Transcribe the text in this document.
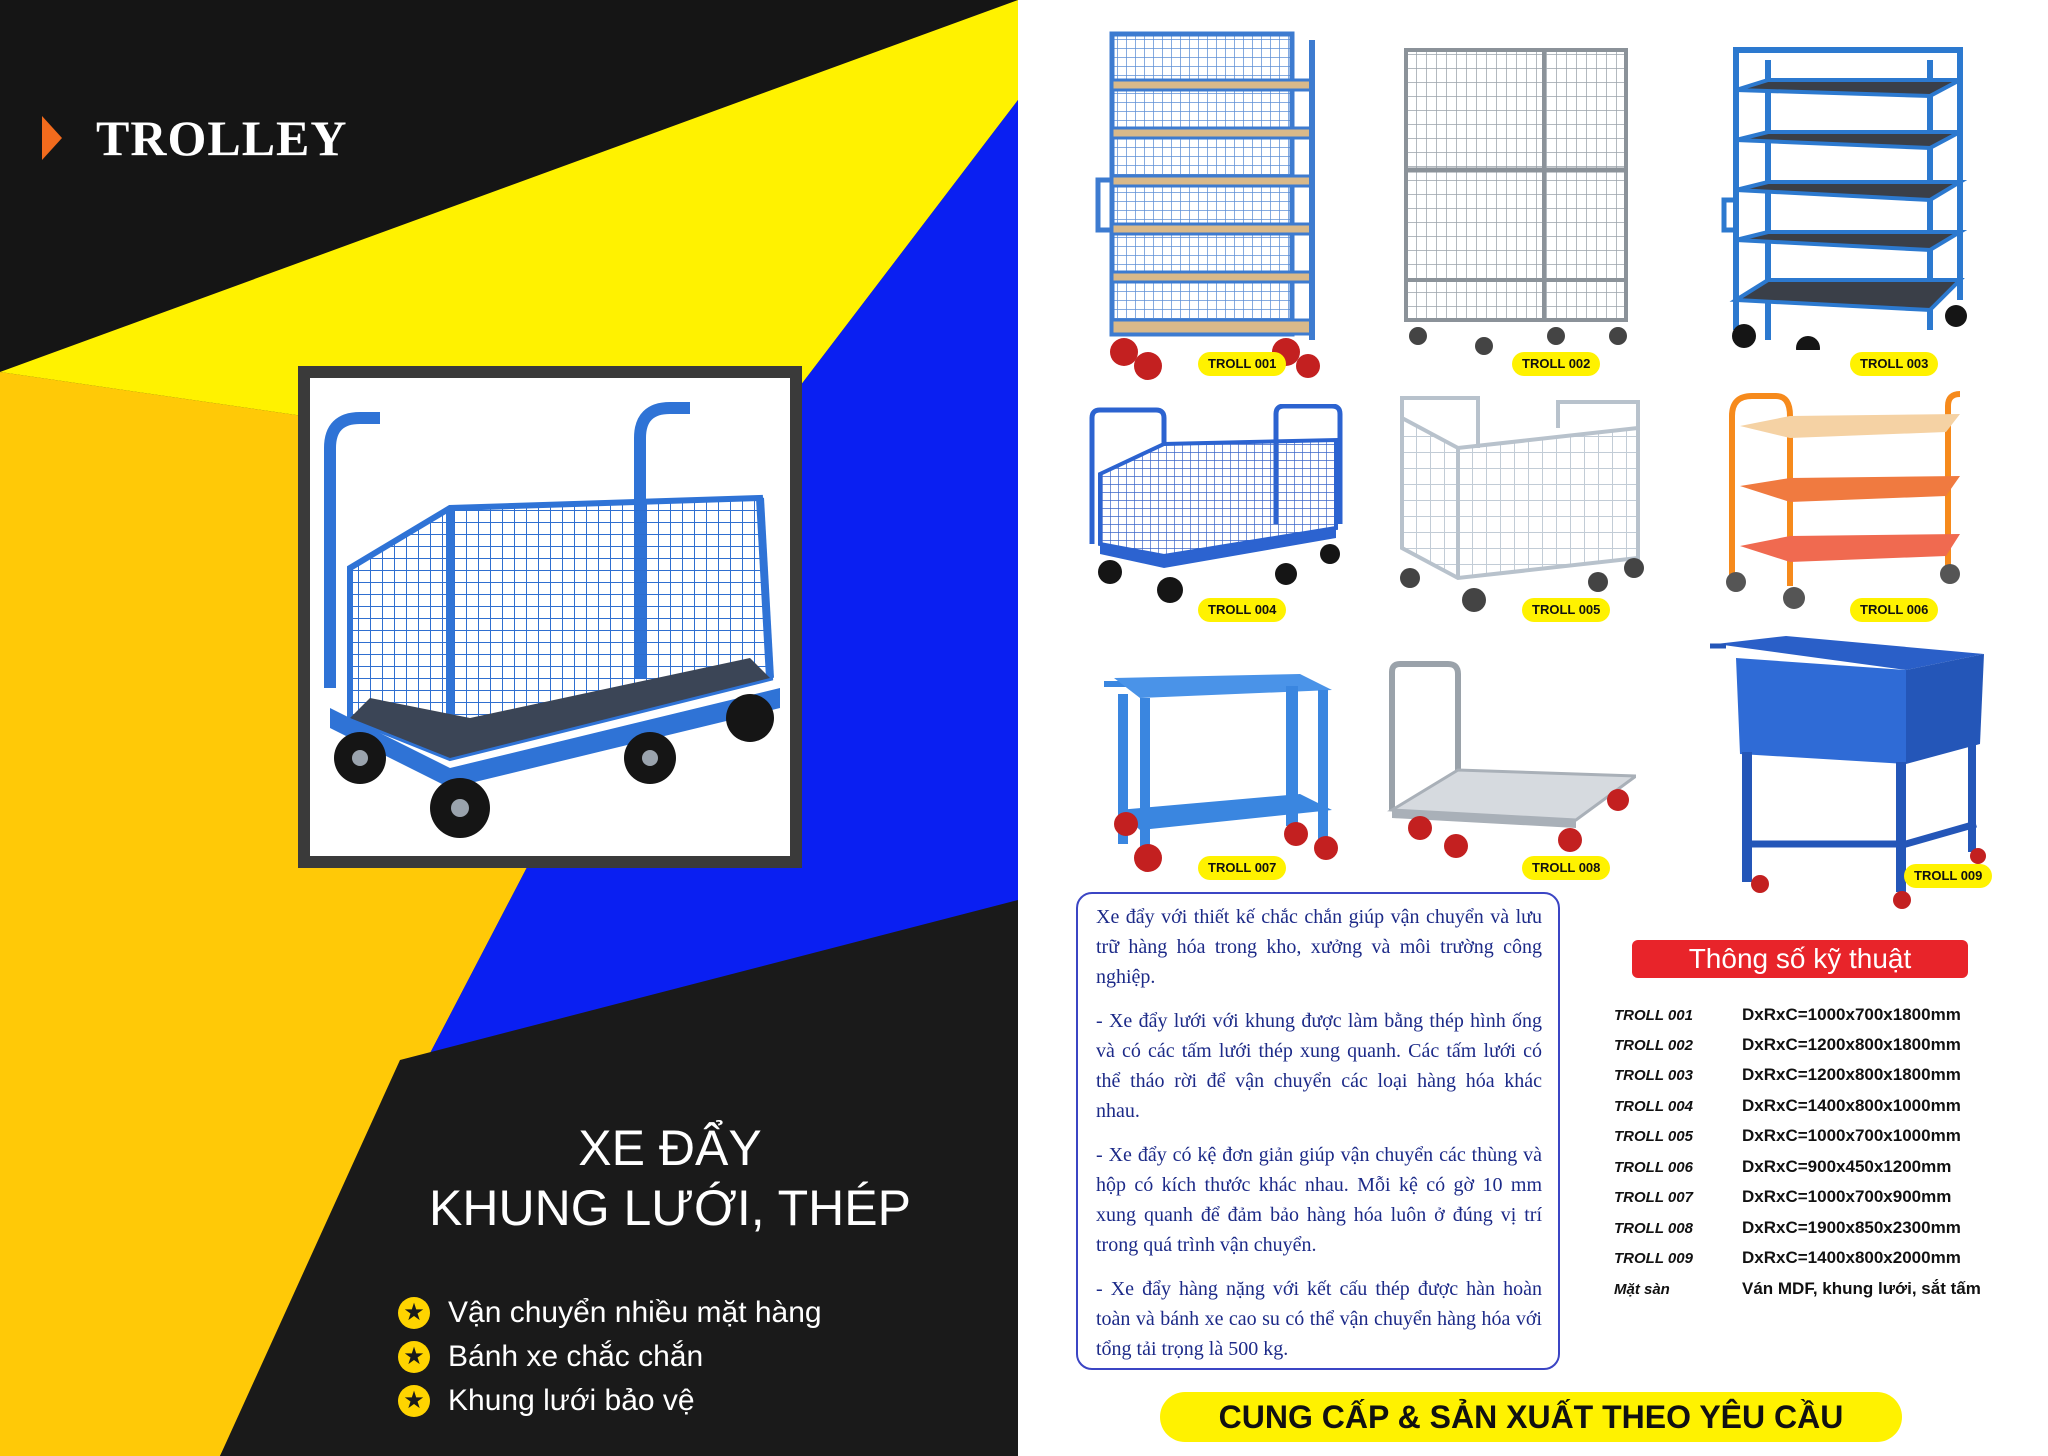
TROLLEY
XE ĐẨY
KHUNG LƯỚI, THÉP
★
Vận chuyển nhiều mặt hàng
★
Bánh xe chắc chắn
★
Khung lưới bảo vệ
TROLL 001	TROLL 002	TROLL 003
TROLL 004	TROLL 005	TROLL 006
TROLL 007	TROLL 008
TROLL 009

Xe đẩy với thiết kế chắc chắn giúp vận chuyển và lưu trữ hàng hóa trong kho, xưởng và môi trường công nghiệp.

- Xe đẩy lưới với khung được làm bằng thép hình ống và có các tấm lưới thép xung quanh. Các tấm lưới có thể tháo rời để vận chuyển các loại hàng hóa khác nhau.

- Xe đẩy có kệ đơn giản giúp vận chuyển các thùng và hộp có kích thước khác nhau. Mỗi kệ có gờ 10 mm xung quanh để đảm bảo hàng hóa luôn ở đúng vị trí trong quá trình vận chuyển.

- Xe đẩy hàng nặng với kết cấu thép được hàn hoàn toàn và bánh xe cao su có thể vận chuyển hàng hóa với tổng tải trọng là 500 kg.

Thông số kỹ thuật
TROLL 001	DxRxC=1000x700x1800mm
TROLL 002	DxRxC=1200x800x1800mm
TROLL 003	DxRxC=1200x800x1800mm
TROLL 004	DxRxC=1400x800x1000mm
TROLL 005	DxRxC=1000x700x1000mm
TROLL 006	DxRxC=900x450x1200mm
TROLL 007	DxRxC=1000x700x900mm
TROLL 008	DxRxC=1900x850x2300mm
TROLL 009	DxRxC=1400x800x2000mm
Mặt sàn	Ván MDF, khung lưới, sắt tấm
CUNG CẤP & SẢN XUẤT THEO YÊU CẦU
